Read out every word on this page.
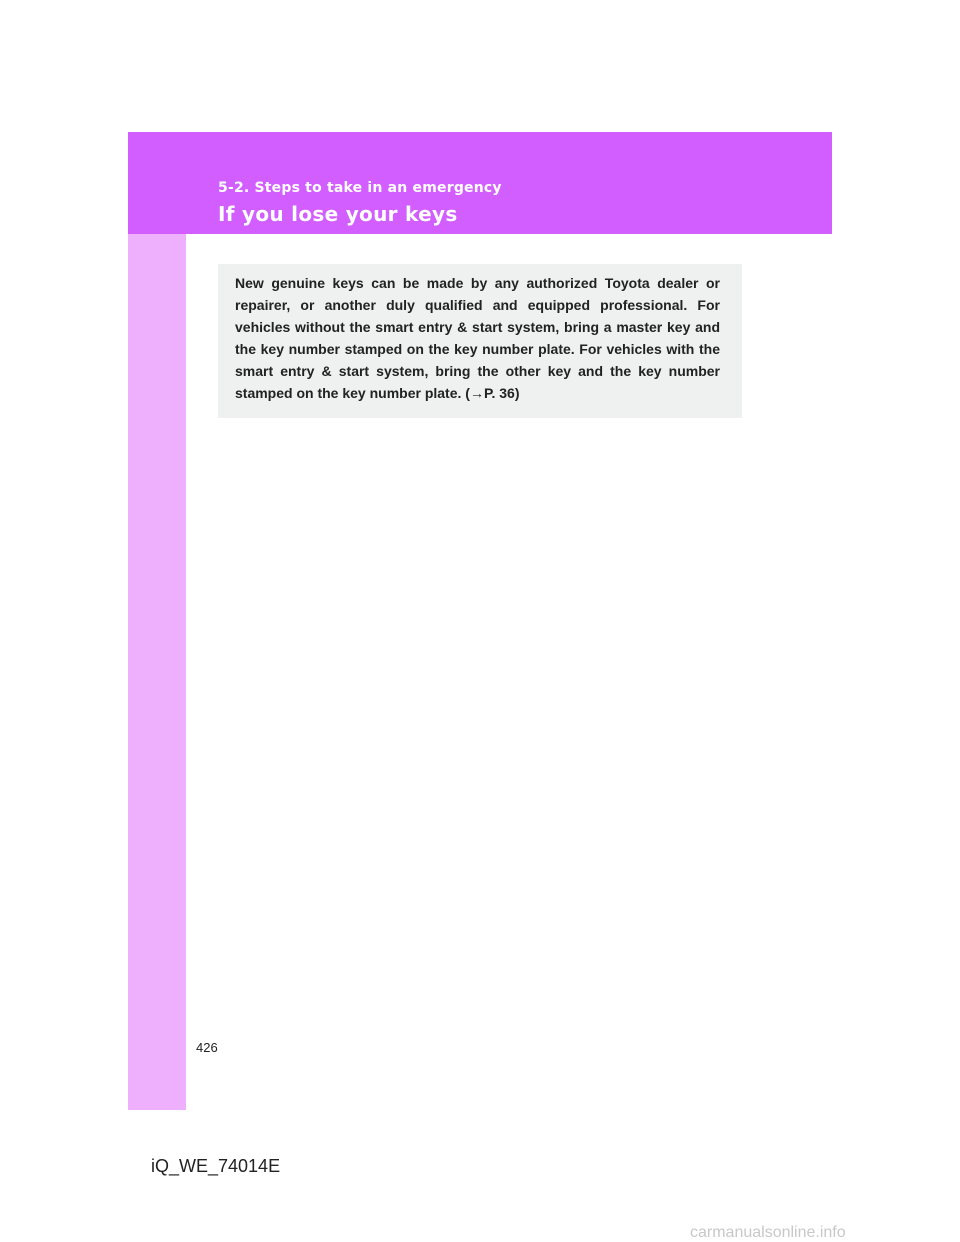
5-2. Steps to take in an emergency
If you lose your keys

New genuine keys can be made by any authorized Toyota dealer or repairer, or another duly qualified and equipped professional. For vehicles without the smart entry & start system, bring a master key and the key number stamped on the key number plate. For vehicles with the smart entry & start system, bring the other key and the key number stamped on the key number plate. (→P. 36)

426
iQ_WE_74014E
carmanualsonline.info
